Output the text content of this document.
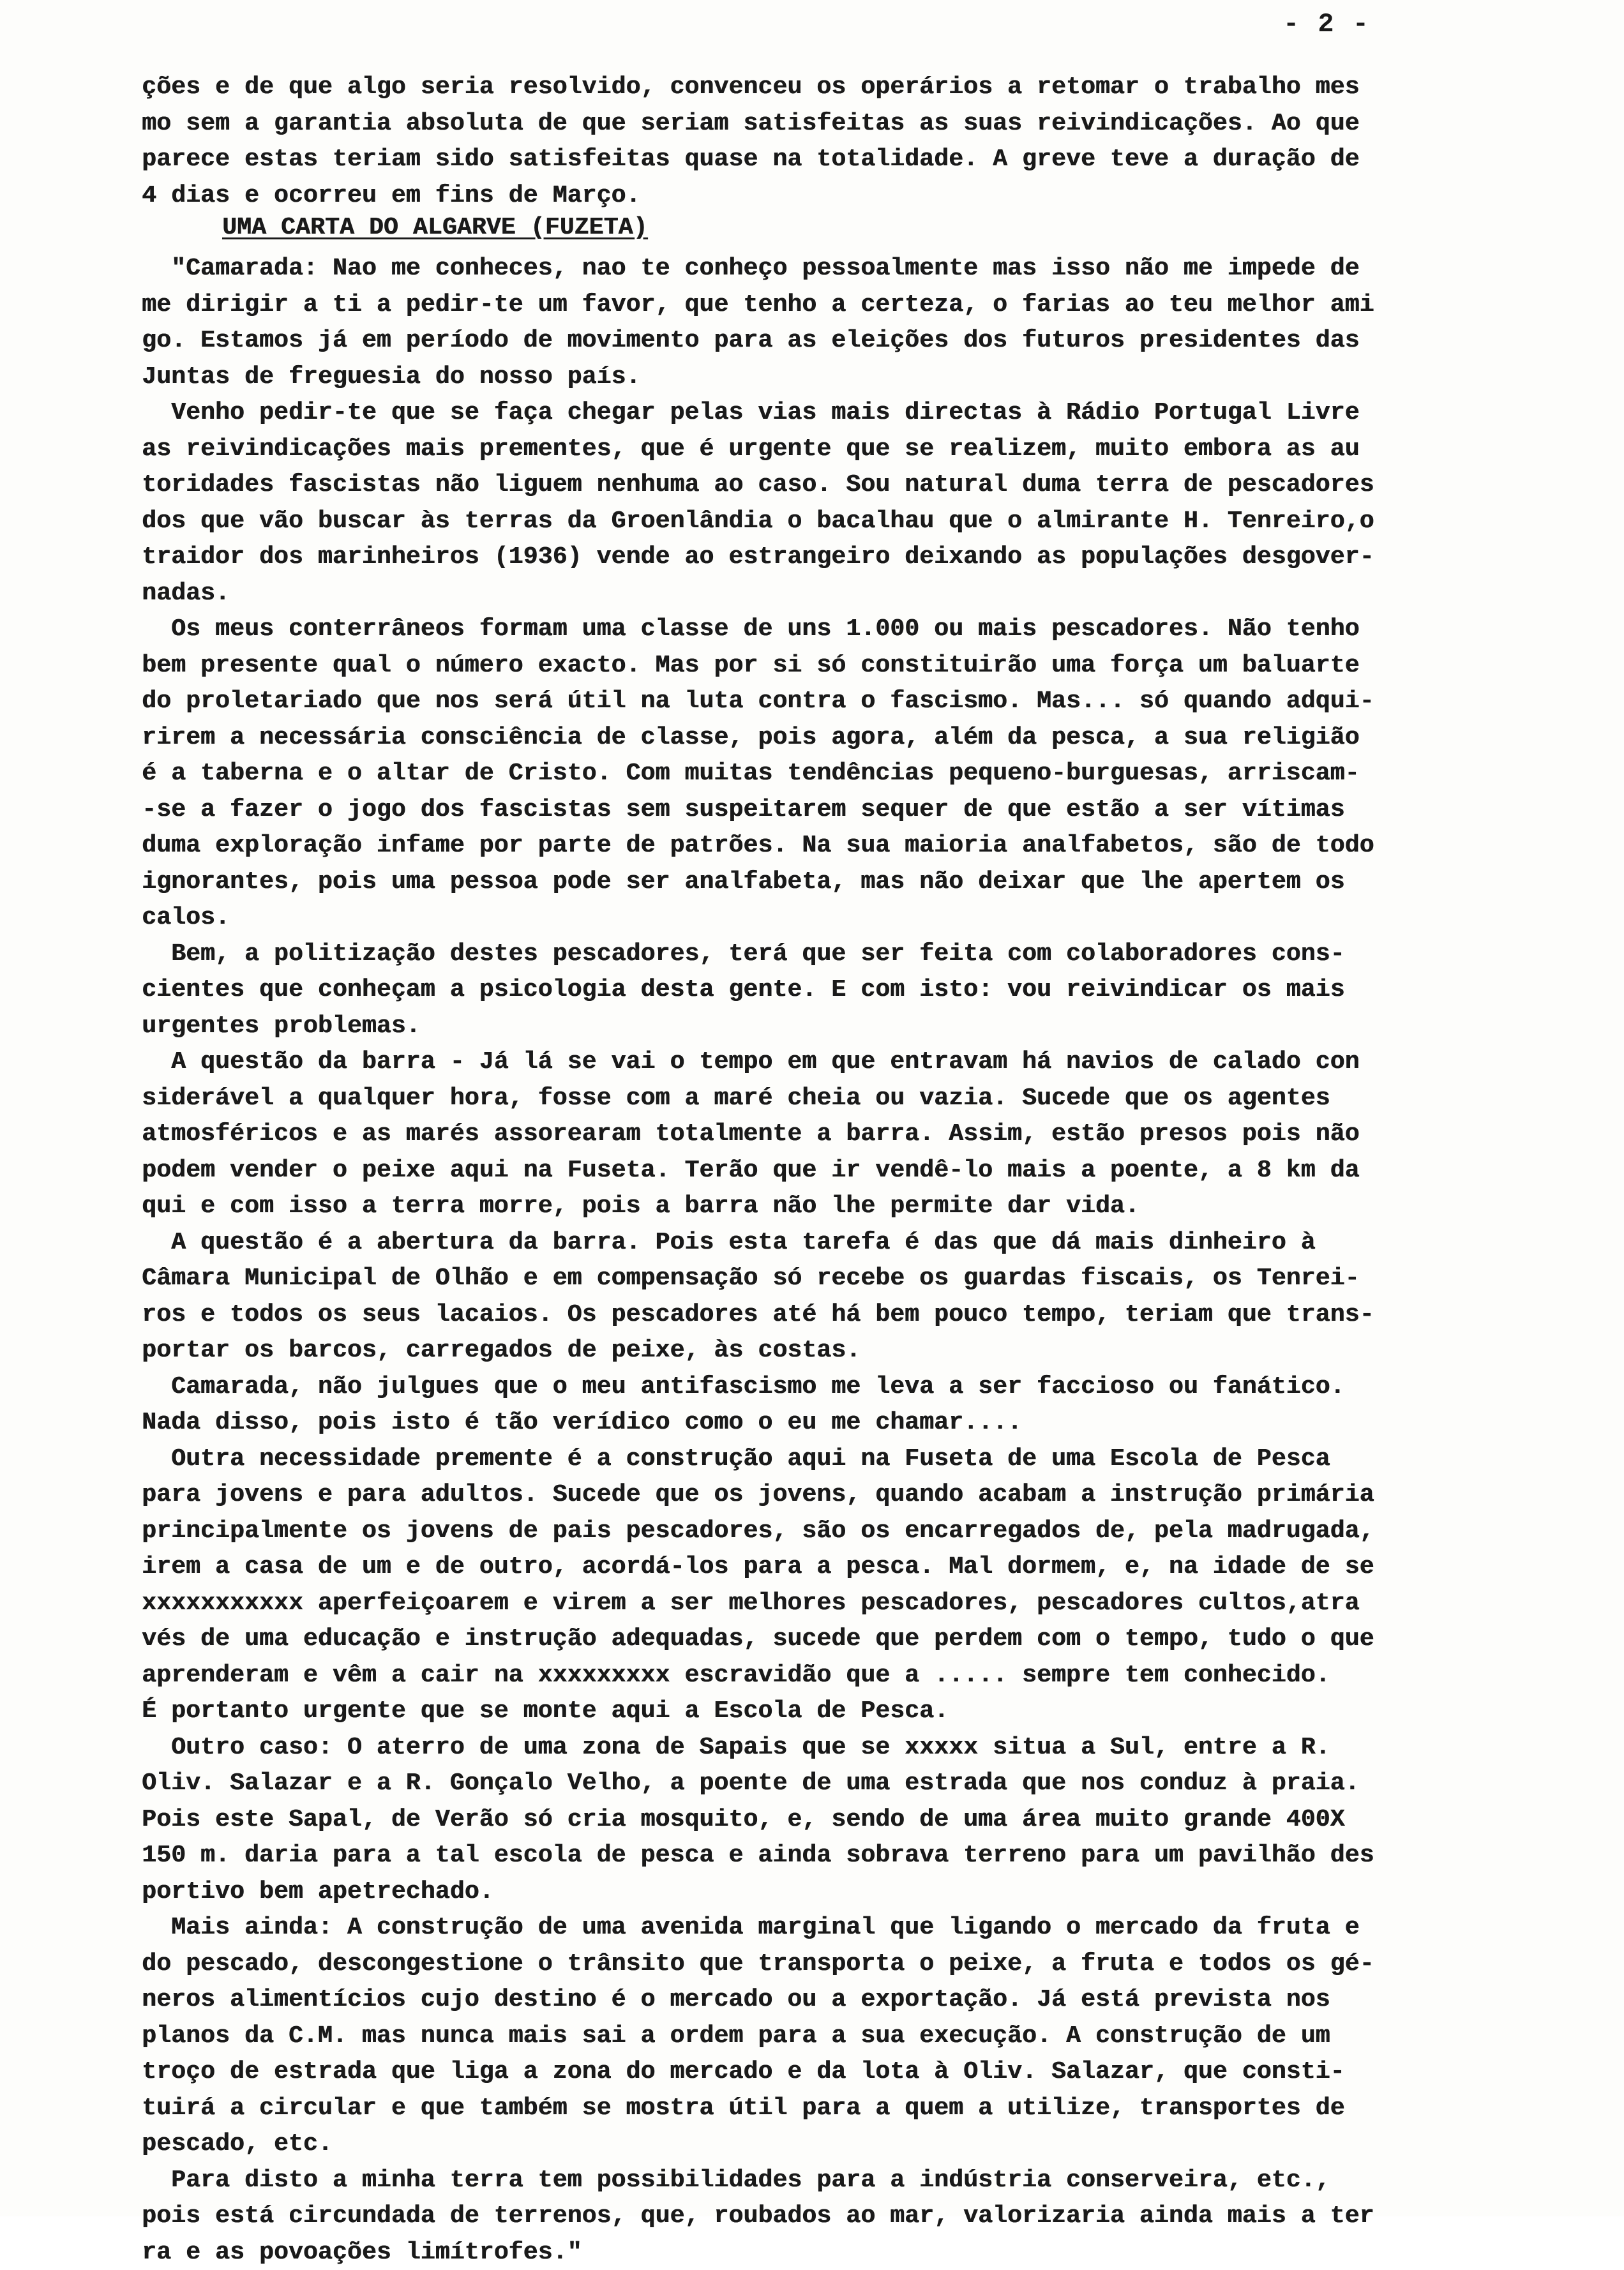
- 2 -
ções e de que algo seria resolvido, convenceu os operários a retomar o trabalho mes
mo sem a garantia absoluta de que seriam satisfeitas as suas reivindicações. Ao que
parece estas teriam sido satisfeitas quase na totalidade. A greve teve a duração de
4 dias e ocorreu em fins de Março.
UMA CARTA DO ALGARVE (FUZETA)
"Camarada: Nao me conheces, nao te conheço pessoalmente mas isso não me impede de
me dirigir a ti a pedir-te um favor, que tenho a certeza, o farias ao teu melhor ami
go. Estamos já em período de movimento para as eleições dos futuros presidentes das
Juntas de freguesia do nosso país.
Venho pedir-te que se faça chegar pelas vias mais directas à Rádio Portugal Livre
as reivindicações mais prementes, que é urgente que se realizem, muito embora as au
toridades fascistas não liguem nenhuma ao caso. Sou natural duma terra de pescadores
dos que vão buscar às terras da Groenlândia o bacalhau que o almirante H. Tenreiro,o
traidor dos marinheiros (1936) vende ao estrangeiro deixando as populações desgover-
nadas.
Os meus conterrâneos formam uma classe de uns 1.000 ou mais pescadores. Não tenho
bem presente qual o número exacto. Mas por si só constituirão uma força um baluarte
do proletariado que nos será útil na luta contra o fascismo. Mas... só quando adqui-
rirem a necessária consciência de classe, pois agora, além da pesca, a sua religião
é a taberna e o altar de Cristo. Com muitas tendências pequeno-burguesas, arriscam-
-se a fazer o jogo dos fascistas sem suspeitarem sequer de que estão a ser vítimas
duma exploração infame por parte de patrões. Na sua maioria analfabetos, são de todo
ignorantes, pois uma pessoa pode ser analfabeta, mas não deixar que lhe apertem os
calos.
Bem, a politização destes pescadores, terá que ser feita com colaboradores cons-
cientes que conheçam a psicologia desta gente. E com isto: vou reivindicar os mais
urgentes problemas.
A questão da barra - Já lá se vai o tempo em que entravam há navios de calado con
siderável a qualquer hora, fosse com a maré cheia ou vazia. Sucede que os agentes
atmosféricos e as marés assorearam totalmente a barra. Assim, estão presos pois não
podem vender o peixe aqui na Fuseta. Terão que ir vendê-lo mais a poente, a 8 km da
qui e com isso a terra morre, pois a barra não lhe permite dar vida.
A questão é a abertura da barra. Pois esta tarefa é das que dá mais dinheiro à
Câmara Municipal de Olhão e em compensação só recebe os guardas fiscais, os Tenrei-
ros e todos os seus lacaios. Os pescadores até há bem pouco tempo, teriam que trans-
portar os barcos, carregados de peixe, às costas.
Camarada, não julgues que o meu antifascismo me leva a ser faccioso ou fanático.
Nada disso, pois isto é tão verídico como o eu me chamar....
Outra necessidade premente é a construção aqui na Fuseta de uma Escola de Pesca
para jovens e para adultos. Sucede que os jovens, quando acabam a instrução primária
principalmente os jovens de pais pescadores, são os encarregados de, pela madrugada,
irem a casa de um e de outro, acordá-los para a pesca. Mal dormem, e, na idade de se
xxxxxxxxxxx aperfeiçoarem e virem a ser melhores pescadores, pescadores cultos,atra
vés de uma educação e instrução adequadas, sucede que perdem com o tempo, tudo o que
aprenderam e vêm a cair na xxxxxxxxx escravidão que a ..... sempre tem conhecido.
É portanto urgente que se monte aqui a Escola de Pesca.
Outro caso: O aterro de uma zona de Sapais que se xxxxx situa a Sul, entre a R.
Oliv. Salazar e a R. Gonçalo Velho, a poente de uma estrada que nos conduz à praia.
Pois este Sapal, de Verão só cria mosquito, e, sendo de uma área muito grande 400X
150 m. daria para a tal escola de pesca e ainda sobrava terreno para um pavilhão des
portivo bem apetrechado.
Mais ainda: A construção de uma avenida marginal que ligando o mercado da fruta e
do pescado, descongestione o trânsito que transporta o peixe, a fruta e todos os gé-
neros alimentícios cujo destino é o mercado ou a exportação. Já está prevista nos
planos da C.M. mas nunca mais sai a ordem para a sua execução. A construção de um
troço de estrada que liga a zona do mercado e da lota à Oliv. Salazar, que consti-
tuirá a circular e que também se mostra útil para a quem a utilize, transportes de
pescado, etc.
Para disto a minha terra tem possibilidades para a indústria conserveira, etc.,
pois está circundada de terrenos, que, roubados ao mar, valorizaria ainda mais a ter
ra e as povoações limítrofes."
